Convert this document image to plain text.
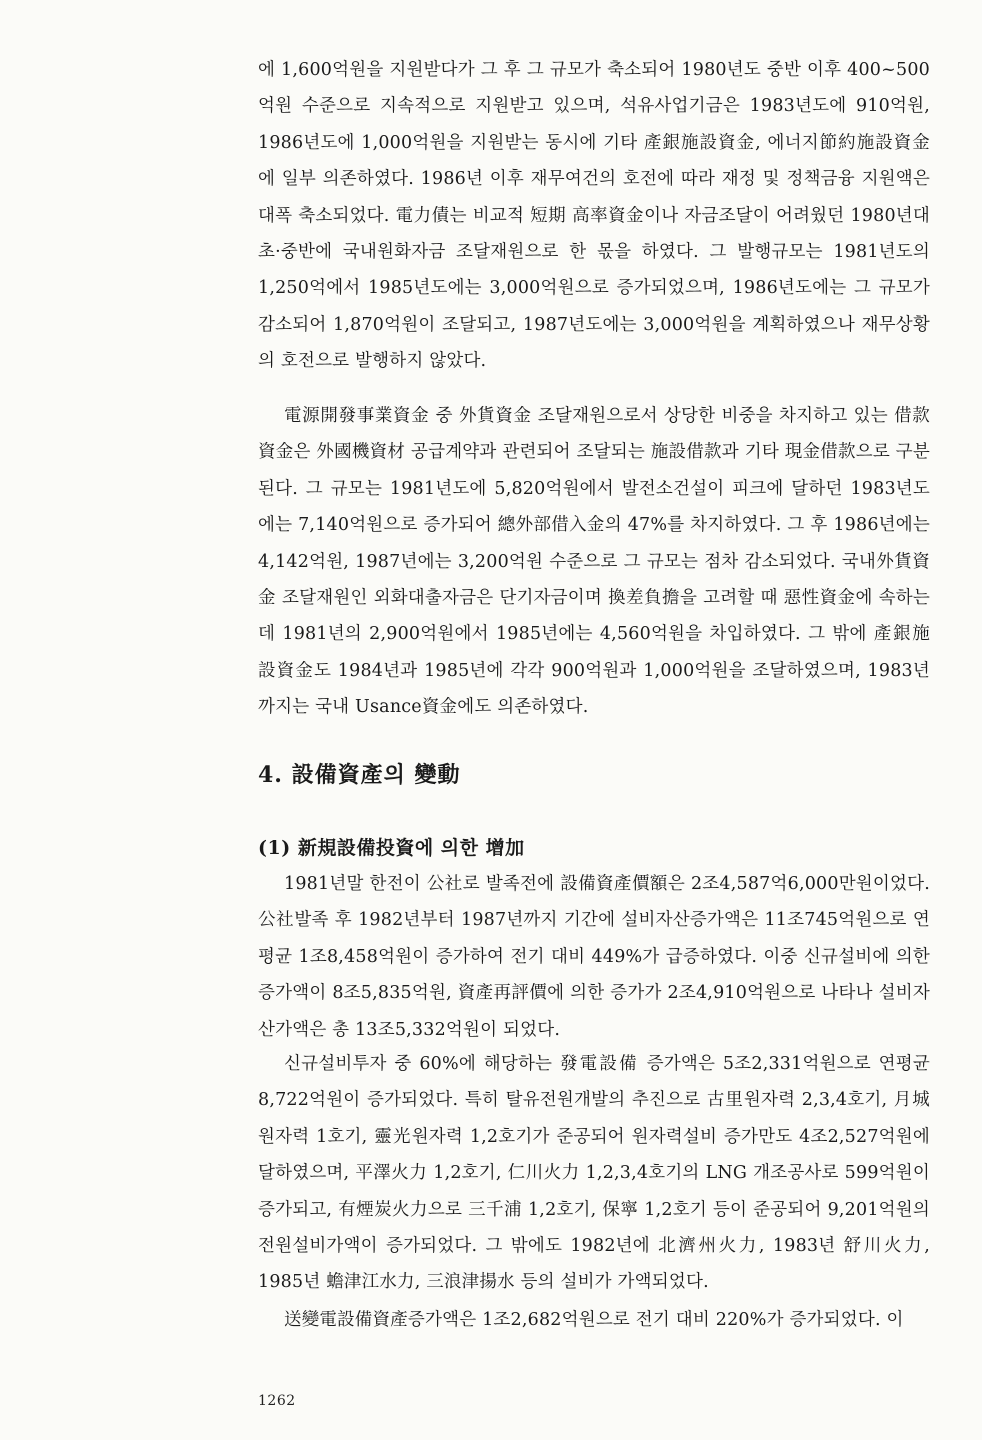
에 1,600억원을 지원받다가 그 후 그 규모가 축소되어 1980년도 중반 이후 400~500억원 수준으로 지속적으로 지원받고 있으며, 석유사업기금은 1983년도에 910억원, 1986년도에 1,000억원을 지원받는 동시에 기타 產銀施設資金, 에너지節約施設資金에 일부 의존하였다. 1986년 이후 재무여건의 호전에 따라 재정 및 정책금융 지원액은 대폭 축소되었다. 電力債는 비교적 短期 高率資金이나 자금조달이 어려웠던 1980년대 초·중반에 국내원화자금 조달재원으로 한 몫을 하였다. 그 발행규모는 1981년도의 1,250억에서 1985년도에는 3,000억원으로 증가되었으며, 1986년도에는 그 규모가 감소되어 1,870억원이 조달되고, 1987년도에는 3,000억원을 계획하였으나 재무상황의 호전으로 발행하지 않았다.

電源開發事業資金 중 外貨資金 조달재원으로서 상당한 비중을 차지하고 있는 借款資金은 外國機資材 공급계약과 관련되어 조달되는 施設借款과 기타 現金借款으로 구분된다. 그 규모는 1981년도에 5,820억원에서 발전소건설이 피크에 달하던 1983년도에는 7,140억원으로 증가되어 總外部借入金의 47%를 차지하였다. 그 후 1986년에는 4,142억원, 1987년에는 3,200억원 수준으로 그 규모는 점차 감소되었다. 국내外貨資金 조달재원인 외화대출자금은 단기자금이며 換差負擔을 고려할 때 惡性資金에 속하는데 1981년의 2,900억원에서 1985년에는 4,560억원을 차입하였다. 그 밖에 產銀施設資金도 1984년과 1985년에 각각 900억원과 1,000억원을 조달하였으며, 1983년까지는 국내 Usance資金에도 의존하였다.

4. 設備資產의 變動
(1) 新規設備投資에 의한 增加

1981년말 한전이 公社로 발족전에 設備資產價額은 2조4,587억6,000만원이었다. 公社발족 후 1982년부터 1987년까지 기간에 설비자산증가액은 11조745억원으로 연평균 1조8,458억원이 증가하여 전기 대비 449%가 급증하였다. 이중 신규설비에 의한 증가액이 8조5,835억원, 資產再評價에 의한 증가가 2조4,910억원으로 나타나 설비자산가액은 총 13조5,332억원이 되었다.

신규설비투자 중 60%에 해당하는 發電設備 증가액은 5조2,331억원으로 연평균 8,722억원이 증가되었다. 특히 탈유전원개발의 추진으로 古里원자력 2,3,4호기, 月城원자력 1호기, 靈光원자력 1,2호기가 준공되어 원자력설비 증가만도 4조2,527억원에 달하였으며, 平澤火力 1,2호기, 仁川火力 1,2,3,4호기의 LNG 개조공사로 599억원이 증가되고, 有煙炭火力으로 三千浦 1,2호기, 保寧 1,2호기 등이 준공되어 9,201억원의 전원설비가액이 증가되었다. 그 밖에도 1982년에 北濟州火力, 1983년 舒川火力, 1985년 蟾津江水力, 三浪津揚水 등의 설비가 가액되었다.

送變電設備資產증가액은 1조2,682억원으로 전기 대비 220%가 증가되었다. 이

1262
